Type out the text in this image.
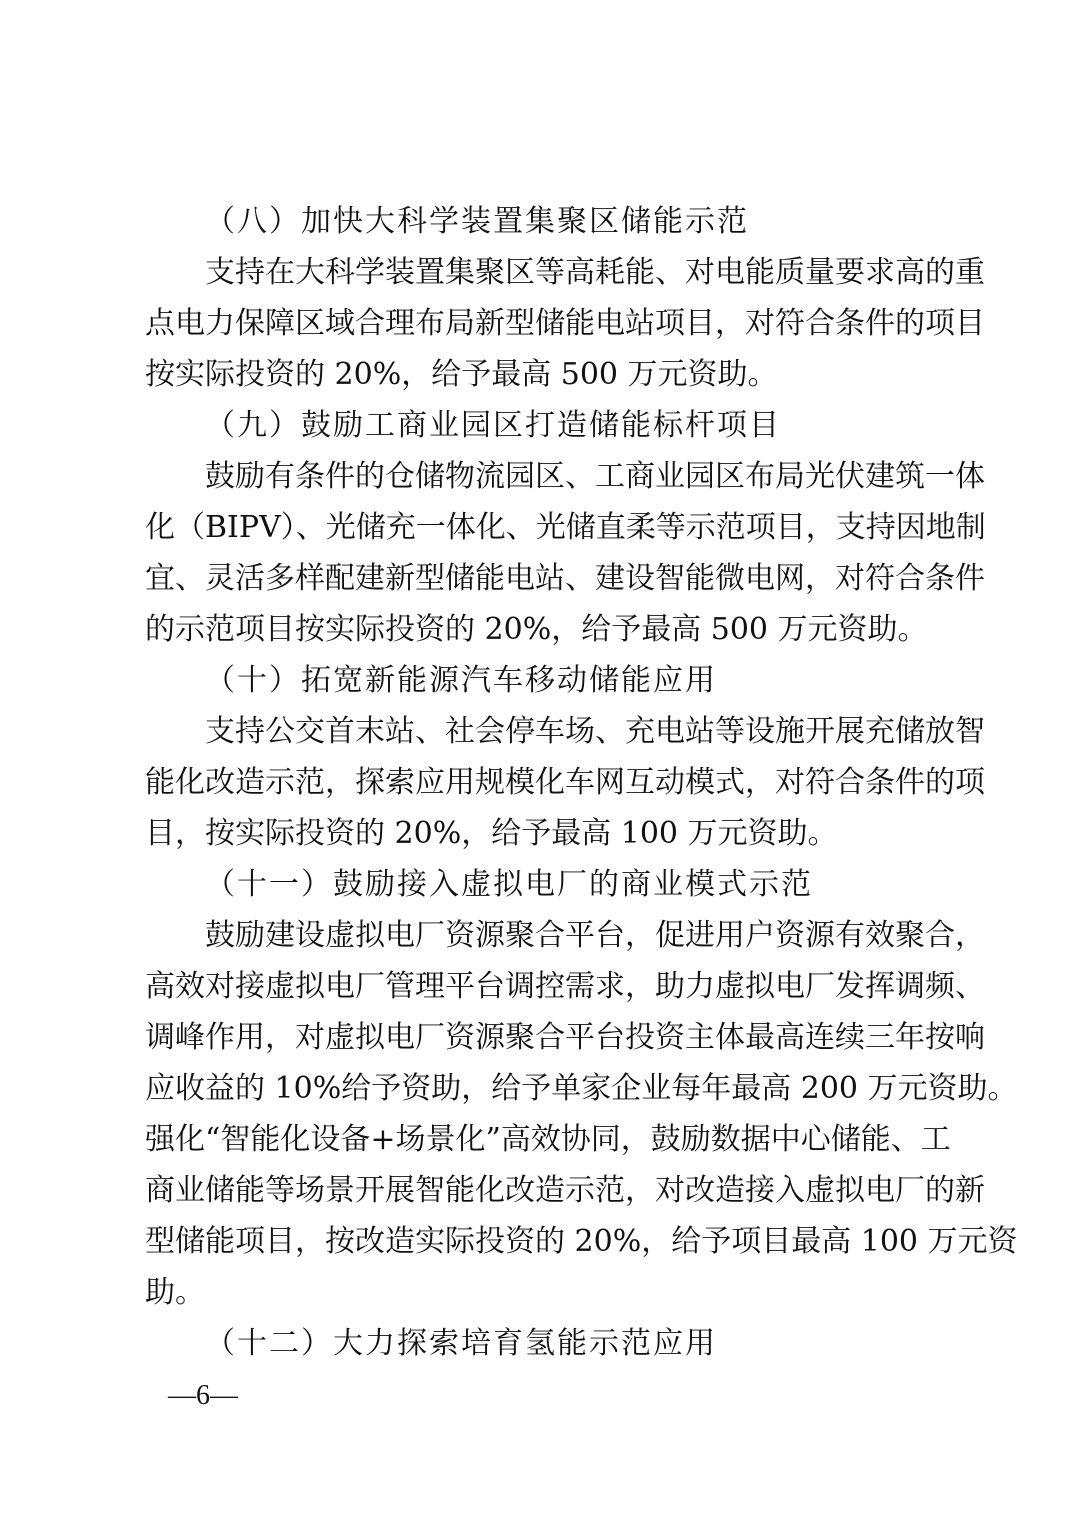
（八）加快大科学装置集聚区储能示范
支持在大科学装置集聚区等高耗能、对电能质量要求高的重
点电力保障区域合理布局新型储能电站项目，对符合条件的项目
按实际投资的 20%，给予最高 500 万元资助。
（九）鼓励工商业园区打造储能标杆项目
鼓励有条件的仓储物流园区、工商业园区布局光伏建筑一体
化（BIPV）、光储充一体化、光储直柔等示范项目，支持因地制
宜、灵活多样配建新型储能电站、建设智能微电网，对符合条件
的示范项目按实际投资的 20%，给予最高 500 万元资助。
（十）拓宽新能源汽车移动储能应用
支持公交首末站、社会停车场、充电站等设施开展充储放智
能化改造示范，探索应用规模化车网互动模式，对符合条件的项
目，按实际投资的 20%，给予最高 100 万元资助。
（十一）鼓励接入虚拟电厂的商业模式示范
鼓励建设虚拟电厂资源聚合平台，促进用户资源有效聚合，
高效对接虚拟电厂管理平台调控需求，助力虚拟电厂发挥调频、
调峰作用，对虚拟电厂资源聚合平台投资主体最高连续三年按响
应收益的 10%给予资助，给予单家企业每年最高 200 万元资助。
强化“智能化设备+场景化”高效协同，鼓励数据中心储能、工
商业储能等场景开展智能化改造示范，对改造接入虚拟电厂的新
型储能项目，按改造实际投资的 20%，给予项目最高 100 万元资
助。
（十二）大力探索培育氢能示范应用
—6—
